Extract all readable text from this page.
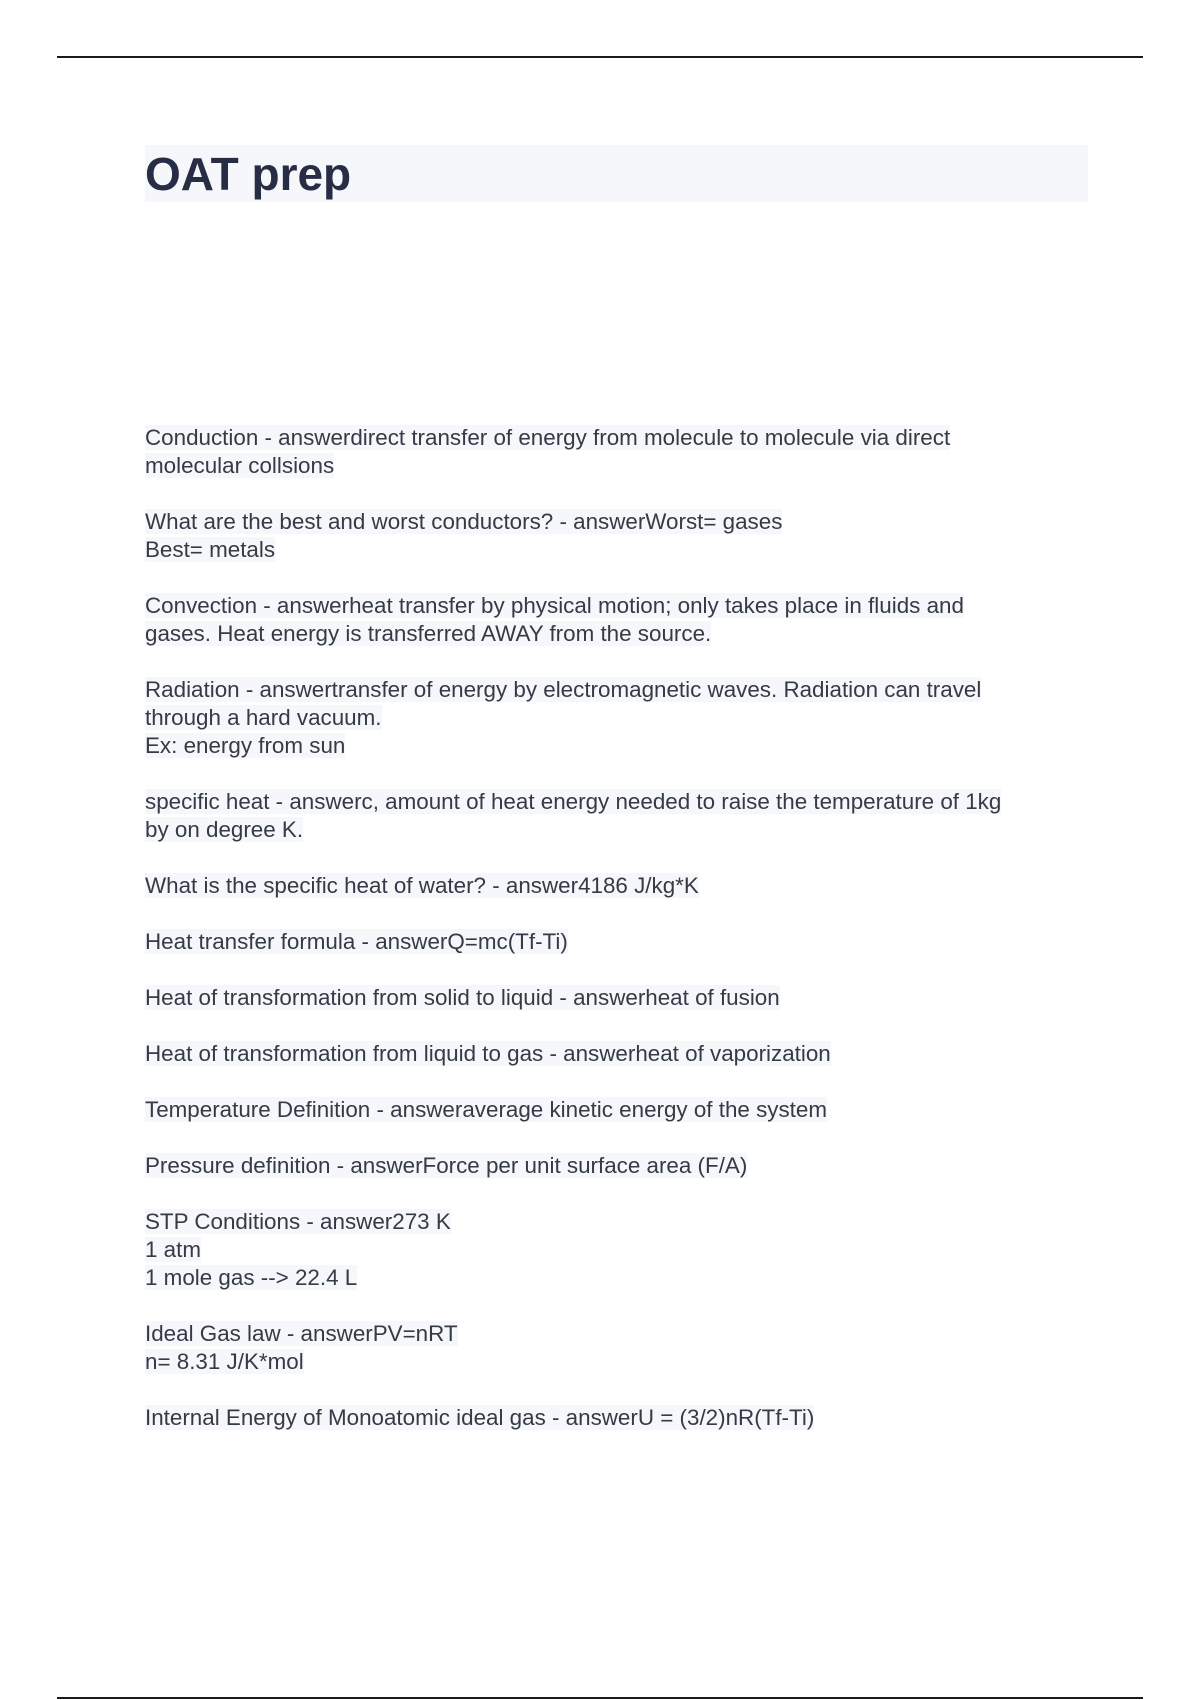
OAT prep
Conduction - answerdirect transfer of energy from molecule to molecule via direct
molecular collsions
What are the best and worst conductors? - answerWorst= gases
Best= metals
Convection - answerheat transfer by physical motion; only takes place in fluids and
gases. Heat energy is transferred AWAY from the source.
Radiation - answertransfer of energy by electromagnetic waves. Radiation can travel
through a hard vacuum.
Ex: energy from sun
specific heat - answerc, amount of heat energy needed to raise the temperature of 1kg
by on degree K.
What is the specific heat of water? - answer4186 J/kg*K
Heat transfer formula - answerQ=mc(Tf-Ti)
Heat of transformation from solid to liquid - answerheat of fusion
Heat of transformation from liquid to gas - answerheat of vaporization
Temperature Definition - answeraverage kinetic energy of the system
Pressure definition - answerForce per unit surface area (F/A)
STP Conditions - answer273 K
1 atm
1 mole gas --> 22.4 L
Ideal Gas law - answerPV=nRT
n= 8.31 J/K*mol
Internal Energy of Monoatomic ideal gas - answerU = (3/2)nR(Tf-Ti)
